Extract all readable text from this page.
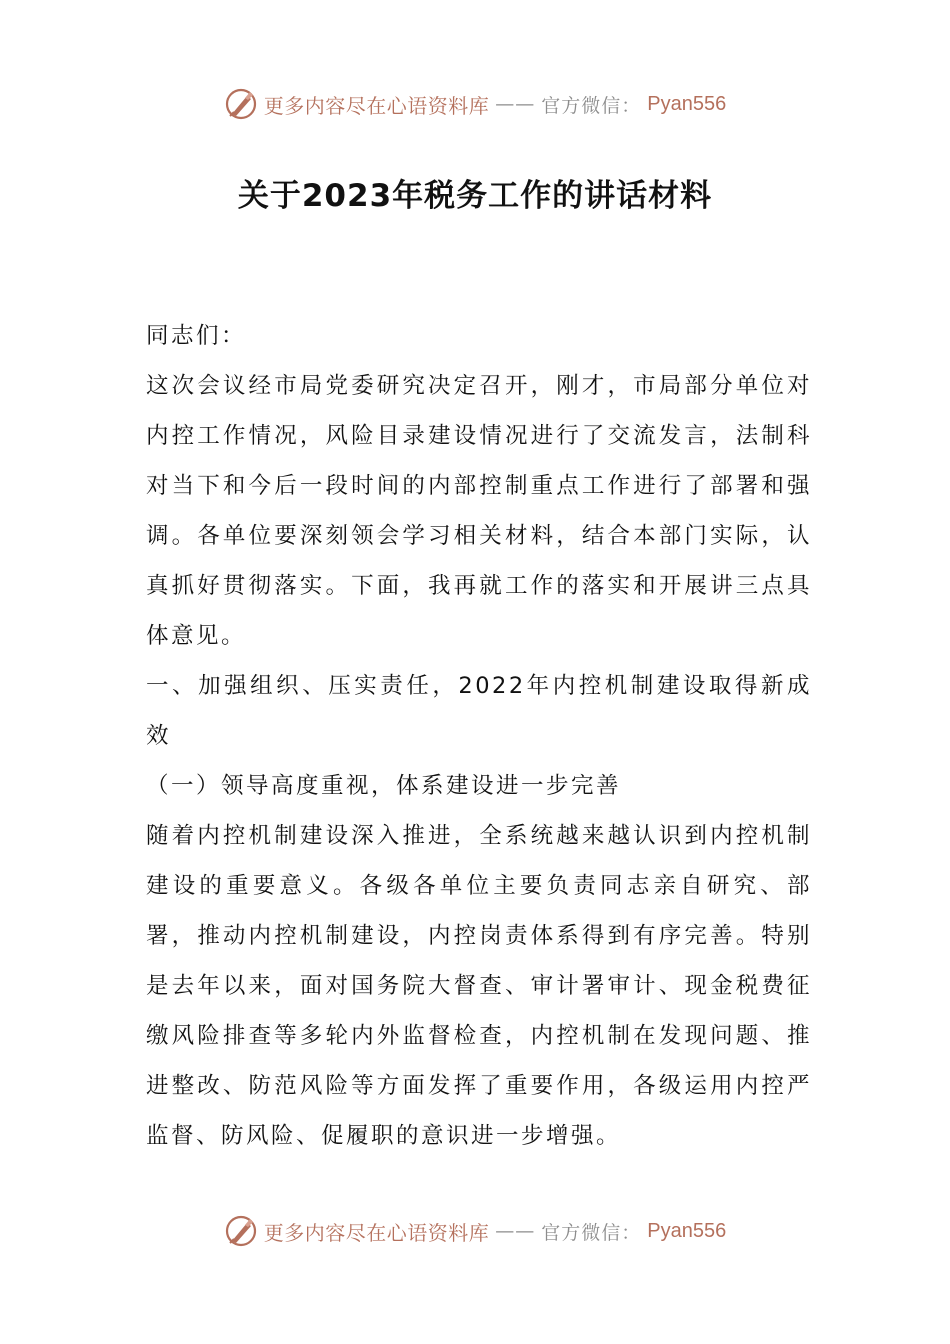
更多内容尽在心语资料库 —— 官方微信： Pyan556
关于2023年税务工作的讲话材料

同志们：

这次会议经市局党委研究决定召开，刚才，市局部分单位对内控工作情况，风险目录建设情况进行了交流发言，法制科对当下和今后一段时间的内部控制重点工作进行了部署和强调。各单位要深刻领会学习相关材料，结合本部门实际，认真抓好贯彻落实。下面，我再就工作的落实和开展讲三点具体意见。

一、加强组织、压实责任，2022年内控机制建设取得新成效

（一）领导高度重视，体系建设进一步完善

随着内控机制建设深入推进，全系统越来越认识到内控机制建设的重要意义。各级各单位主要负责同志亲自研究、部署，推动内控机制建设，内控岗责体系得到有序完善。特别是去年以来，面对国务院大督查、审计署审计、现金税费征缴风险排查等多轮内外监督检查，内控机制在发现问题、推进整改、防范风险等方面发挥了重要作用，各级运用内控严监督、防风险、促履职的意识进一步增强。

更多内容尽在心语资料库 —— 官方微信： Pyan556
